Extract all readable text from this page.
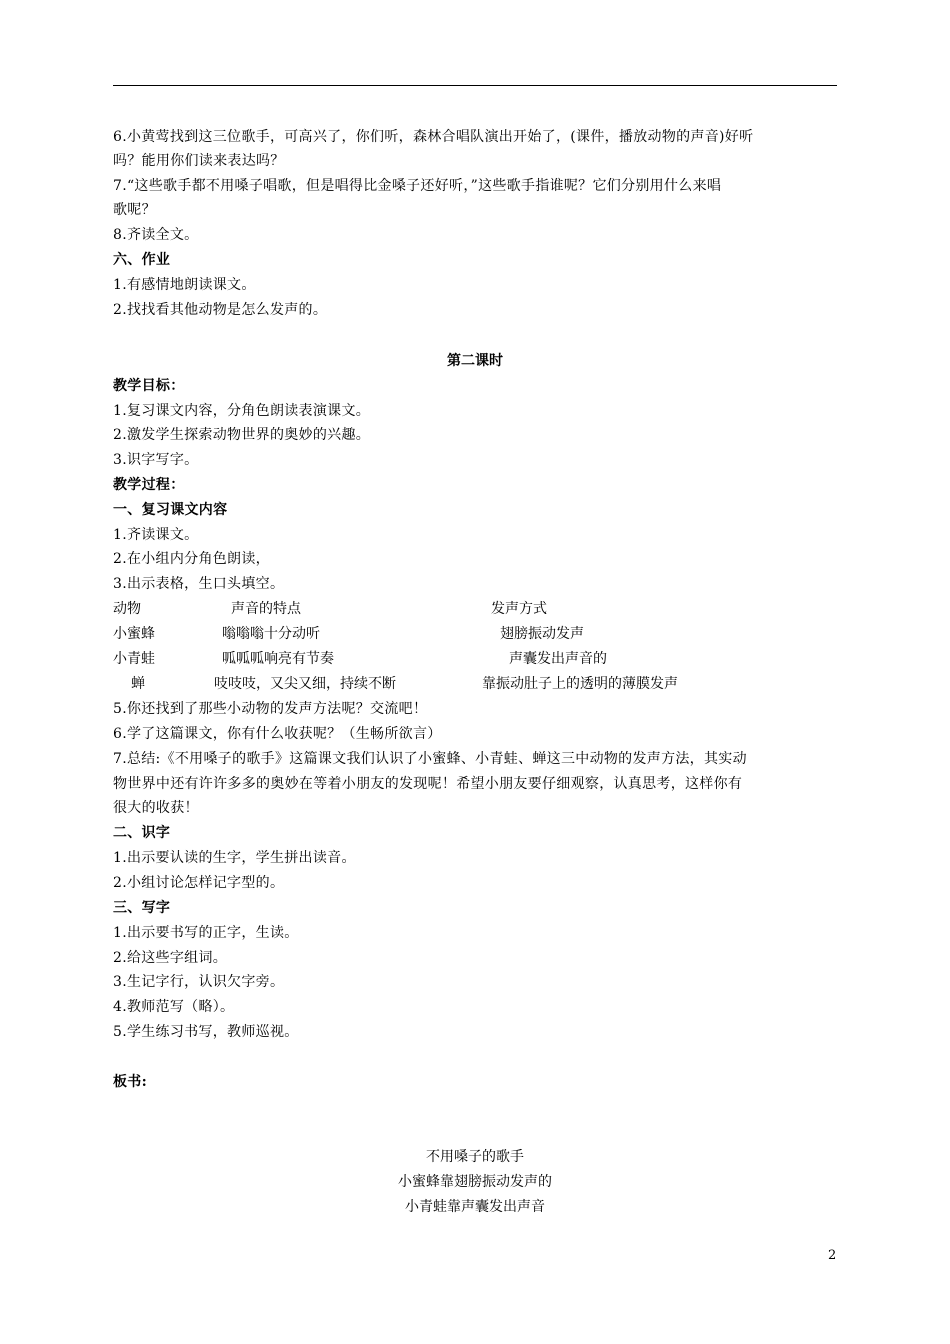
6.小黄莺找到这三位歌手，可高兴了，你们听，森林合唱队演出开始了，(课件，播放动物的声音)好听
吗？能用你们读来表达吗？
7.“这些歌手都不用嗓子唱歌，但是唱得比金嗓子还好听，”这些歌手指谁呢？它们分别用什么来唱
歌呢？
8.齐读全文。
六、作业
1.有感情地朗读课文。
2.找找看其他动物是怎么发声的。
第二课时
教学目标：
1.复习课文内容，分角色朗读表演课文。
2.激发学生探索动物世界的奥妙的兴趣。
3.识字写字。
教学过程：
一、复习课文内容
1.齐读课文。
2.在小组内分角色朗读，
3.出示表格，生口头填空。
动物	声音的特点	发声方式
小蜜蜂	嗡嗡嗡十分动听	翅膀振动发声
小青蛙	呱呱呱响亮有节奏	声囊发出声音的
蝉	吱吱吱，又尖又细，持续不断	靠振动肚子上的透明的薄膜发声
5.你还找到了那些小动物的发声方法呢？交流吧！
6.学了这篇课文，你有什么收获呢？（生畅所欲言）
7.总结:《不用嗓子的歌手》这篇课文我们认识了小蜜蜂、小青蛙、蝉这三中动物的发声方法，其实动
物世界中还有许许多多的奥妙在等着小朋友的发现呢！希望小朋友要仔细观察，认真思考，这样你有
很大的收获！
二、识字
1.出示要认读的生字，学生拼出读音。
2.小组讨论怎样记字型的。
三、写字
1.出示要书写的正字，生读。
2.给这些字组词。
3.生记字行，认识欠字旁。
4.教师范写（略）。
5.学生练习书写，教师巡视。
板书:
不用嗓子的歌手
小蜜蜂靠翅膀振动发声的
小青蛙靠声囊发出声音
2
